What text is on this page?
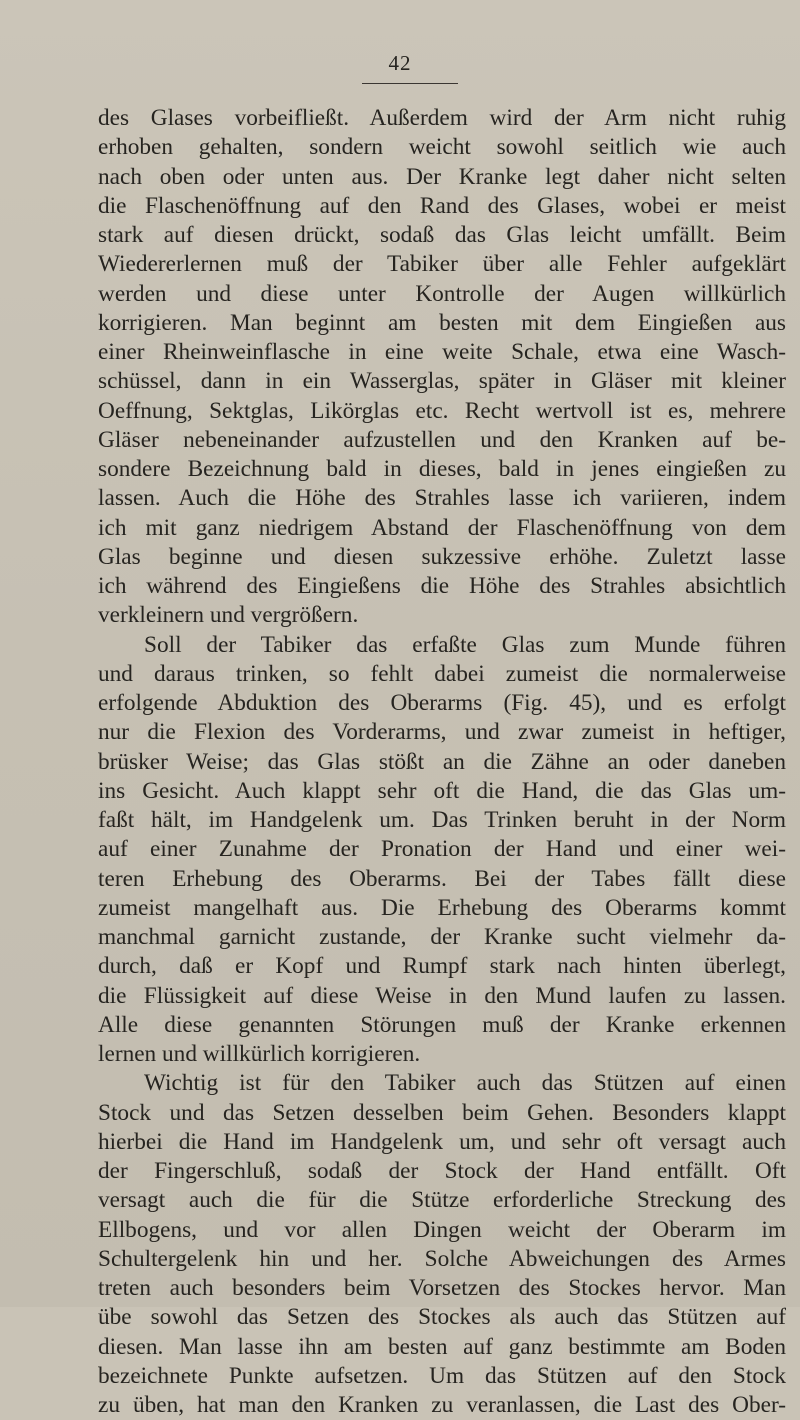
42
des Glases vorbeifließt. Außerdem wird der Arm nicht ruhig
erhoben gehalten, sondern weicht sowohl seitlich wie auch
nach oben oder unten aus. Der Kranke legt daher nicht selten
die Flaschenöffnung auf den Rand des Glases, wobei er meist
stark auf diesen drückt, sodaß das Glas leicht umfällt. Beim
Wiedererlernen muß der Tabiker über alle Fehler aufgeklärt
werden und diese unter Kontrolle der Augen willkürlich
korrigieren. Man beginnt am besten mit dem Eingießen aus
einer Rheinweinflasche in eine weite Schale, etwa eine Wasch-
schüssel, dann in ein Wasserglas, später in Gläser mit kleiner
Oeffnung, Sektglas, Likörglas etc. Recht wertvoll ist es, mehrere
Gläser nebeneinander aufzustellen und den Kranken auf be-
sondere Bezeichnung bald in dieses, bald in jenes eingießen zu
lassen. Auch die Höhe des Strahles lasse ich variieren, indem
ich mit ganz niedrigem Abstand der Flaschenöffnung von dem
Glas beginne und diesen sukzessive erhöhe. Zuletzt lasse
ich während des Eingießens die Höhe des Strahles absichtlich
verkleinern und vergrößern.
Soll der Tabiker das erfaßte Glas zum Munde führen
und daraus trinken, so fehlt dabei zumeist die normalerweise
erfolgende Abduktion des Oberarms (Fig. 45), und es erfolgt
nur die Flexion des Vorderarms, und zwar zumeist in heftiger,
brüsker Weise; das Glas stößt an die Zähne an oder daneben
ins Gesicht. Auch klappt sehr oft die Hand, die das Glas um-
faßt hält, im Handgelenk um. Das Trinken beruht in der Norm
auf einer Zunahme der Pronation der Hand und einer wei-
teren Erhebung des Oberarms. Bei der Tabes fällt diese
zumeist mangelhaft aus. Die Erhebung des Oberarms kommt
manchmal garnicht zustande, der Kranke sucht vielmehr da-
durch, daß er Kopf und Rumpf stark nach hinten überlegt,
die Flüssigkeit auf diese Weise in den Mund laufen zu lassen.
Alle diese genannten Störungen muß der Kranke erkennen
lernen und willkürlich korrigieren.
Wichtig ist für den Tabiker auch das Stützen auf einen
Stock und das Setzen desselben beim Gehen. Besonders klappt
hierbei die Hand im Handgelenk um, und sehr oft versagt auch
der Fingerschluß, sodaß der Stock der Hand entfällt. Oft
versagt auch die für die Stütze erforderliche Streckung des
Ellbogens, und vor allen Dingen weicht der Oberarm im
Schultergelenk hin und her. Solche Abweichungen des Armes
treten auch besonders beim Vorsetzen des Stockes hervor. Man
übe sowohl das Setzen des Stockes als auch das Stützen auf
diesen. Man lasse ihn am besten auf ganz bestimmte am Boden
bezeichnete Punkte aufsetzen. Um das Stützen auf den Stock
zu üben, hat man den Kranken zu veranlassen, die Last des Ober-
